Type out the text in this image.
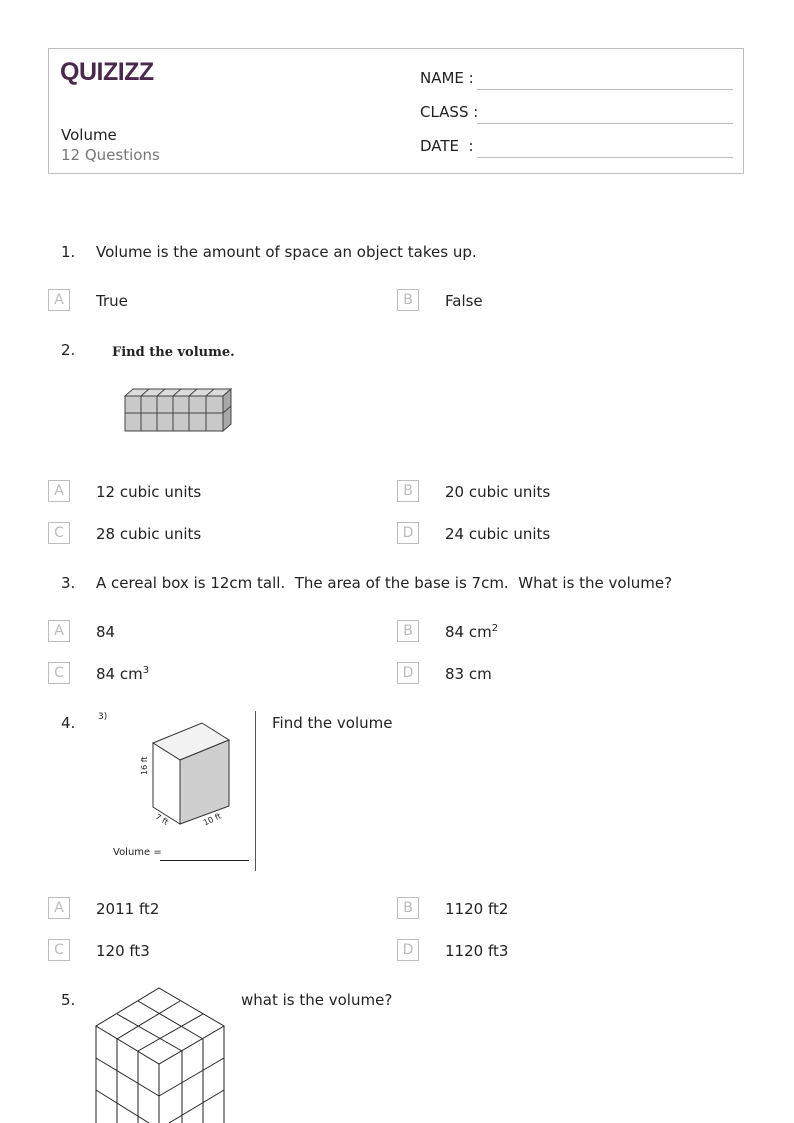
QUIZIZZ
Volume
12 Questions
NAME :
CLASS :
DATE  :
1. Volume is the amount of space an object takes up.
A	True	B	False
2.	Find the volume.
A	12 cubic units	B	20 cubic units
C	28 cubic units	D	24 cubic units
3. A cereal box is 12cm tall.  The area of the base is 7cm.  What is the volume?
A	84	B	84 $cm^2$
C	84 $cm^3$	D	83 cm
4.	3)
16 ft
7 ft	10 ft
Volume =
Find the volume
A	2011 ft2	B	1120 ft2
C	120 ft3	D	1120 ft3
5.	what is the volume?
